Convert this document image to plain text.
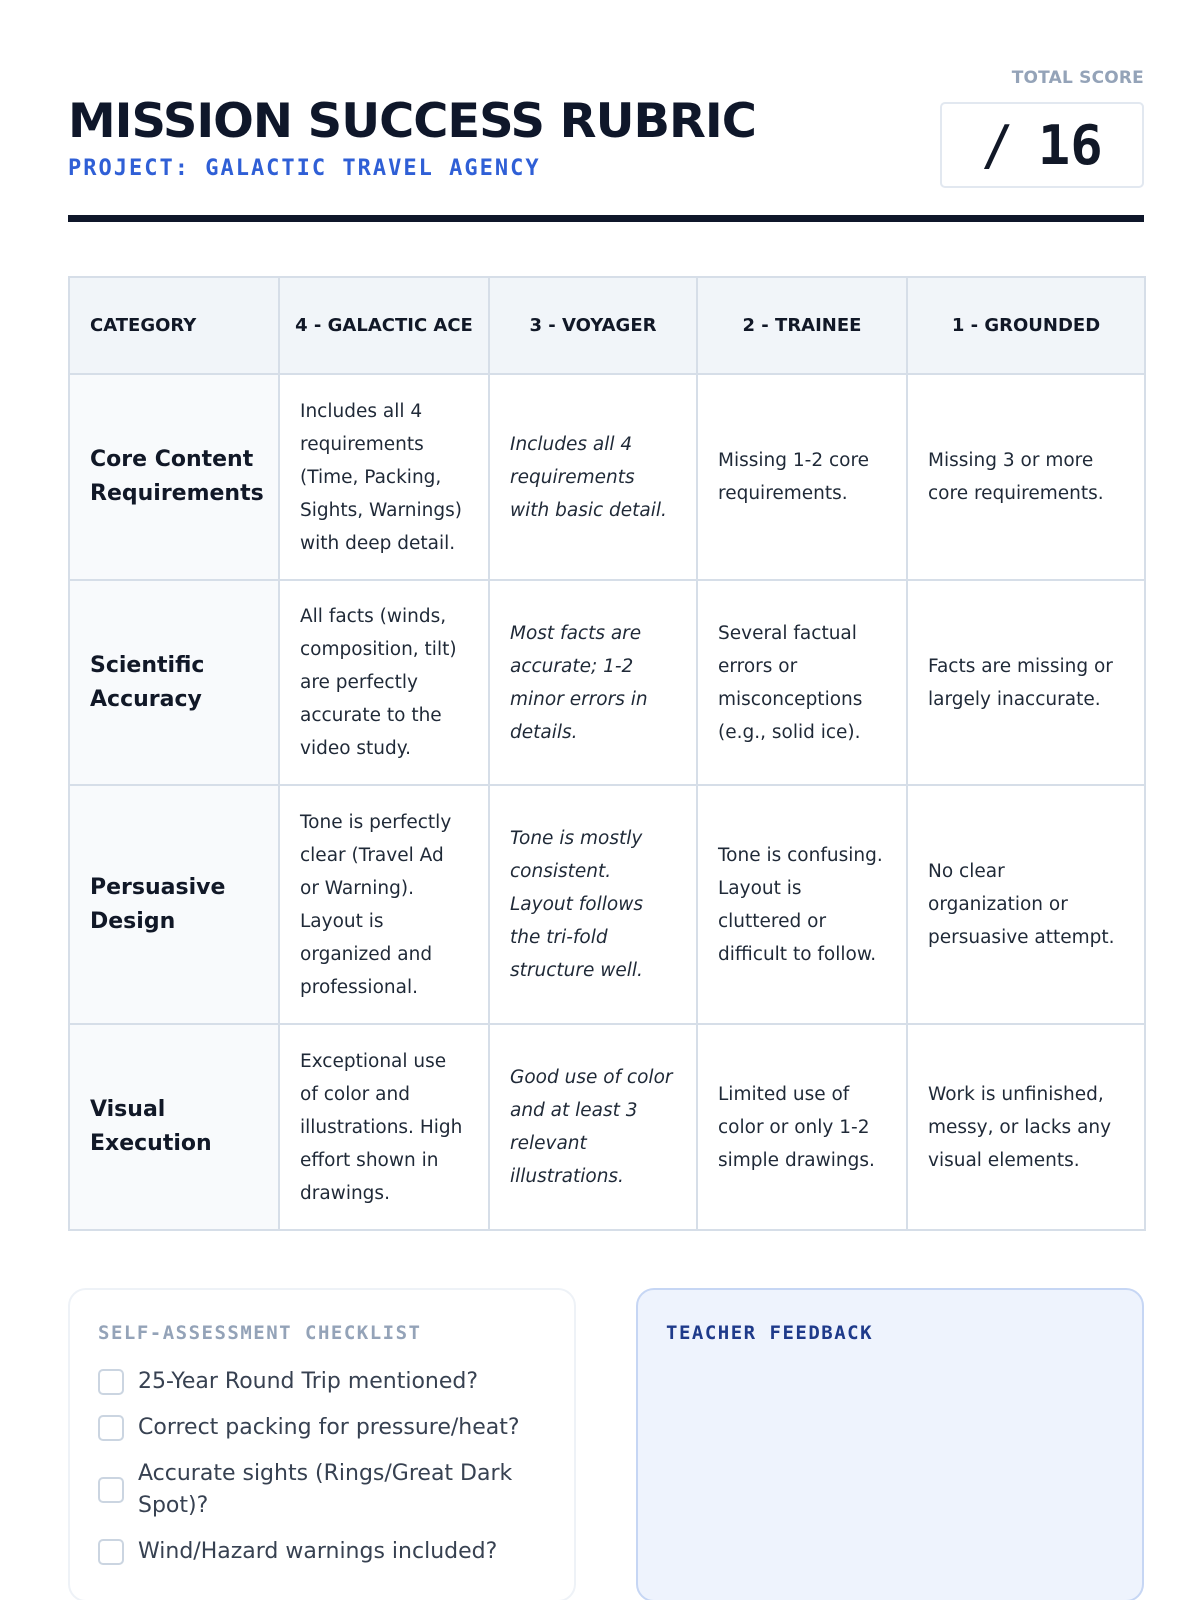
MISSION SUCCESS RUBRIC
PROJECT: GALACTIC TRAVEL AGENCY
TOTAL SCORE
/ 16
CATEGORY	4 - GALACTIC ACE	3 - VOYAGER	2 - TRAINEE	1 - GROUNDED
Core Content Requirements	Includes all 4 requirements (Time, Packing, Sights, Warnings) with deep detail.	Includes all 4 requirements with basic detail.	Missing 1-2 core requirements.	Missing 3 or more core requirements.
Scientific Accuracy	All facts (winds, composition, tilt) are perfectly accurate to the video study.	Most facts are accurate; 1-2 minor errors in details.	Several factual errors or misconceptions (e.g., solid ice).	Facts are missing or largely inaccurate.
Persuasive Design	Tone is perfectly clear (Travel Ad or Warning). Layout is organized and professional.	Tone is mostly consistent. Layout follows the tri-fold structure well.	Tone is confusing. Layout is cluttered or difficult to follow.	No clear organization or persuasive attempt.
Visual Execution	Exceptional use of color and illustrations. High effort shown in drawings.	Good use of color and at least 3 relevant illustrations.	Limited use of color or only 1-2 simple drawings.	Work is unfinished, messy, or lacks any visual elements.
SELF-ASSESSMENT CHECKLIST
25-Year Round Trip mentioned?
Correct packing for pressure/heat?
Accurate sights (Rings/Great Dark Spot)?
Wind/Hazard warnings included?
TEACHER FEEDBACK
